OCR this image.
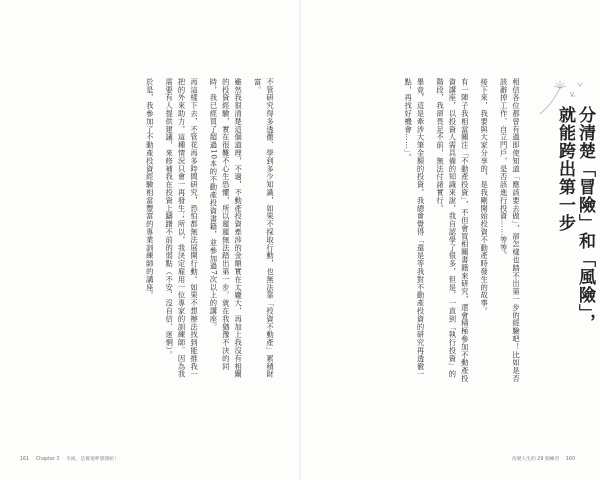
不管研究得多透徹、學到多少知識，如果不採取行動，也無法靠「投資不動產」累積財富。
雖然我很清楚這個道理，不過，不動產投資牽涉的金額實在太龐大，再加上我沒有相關的投資經驗，實在很難不心生恐懼，所以遲遲無法踏出第一步。就在我猶豫不決的同時，我已經買了超過10本的不動產投資書籍，並參加過7次以上的講座。
再這樣下去，不管花再多時間研究，恐怕都無法展開行動。如果不想辦法找到能推我一把的外來助力，這種情況只會一再發生；所以，我決定雇用一位專家的訓練師。因為我需要有人提供建議，來修補我在投資上躊躇不前的弱點（不安、沒自信、迷惘）。
於是，我參加了不動產投資經驗相當豐富的專業訓練師的講座。
161 Chapter 3 幸福，是實現夢想開始！
分清楚「冒險」和「風險」，
就能跨出第一步
相信各位都曾有過即使知道「應該要去做」，卻怎樣也踏不出第一步的經驗吧！比如是否該辭掉工作、自立門戶，是否該進行投資……等等。
接下來，我要與大家分享的，是我剛開始投資不動產時發生的故事。
有一陣子我相當關注「不動產投資」，不但會買相關書籍來研究，還會積極參加不動產投資講座，以投資人需具備的知識來說，我自認學了很多，但是，一直到「執行投資」的階段，我卻畏足不前，無法付諸實行。
畢竟，這是牽涉大筆金額的投資，我總會覺得「還是等我對不動產投資的研究再透徹一點，再找好機會……」。
改變人生的 29 個練習 160
